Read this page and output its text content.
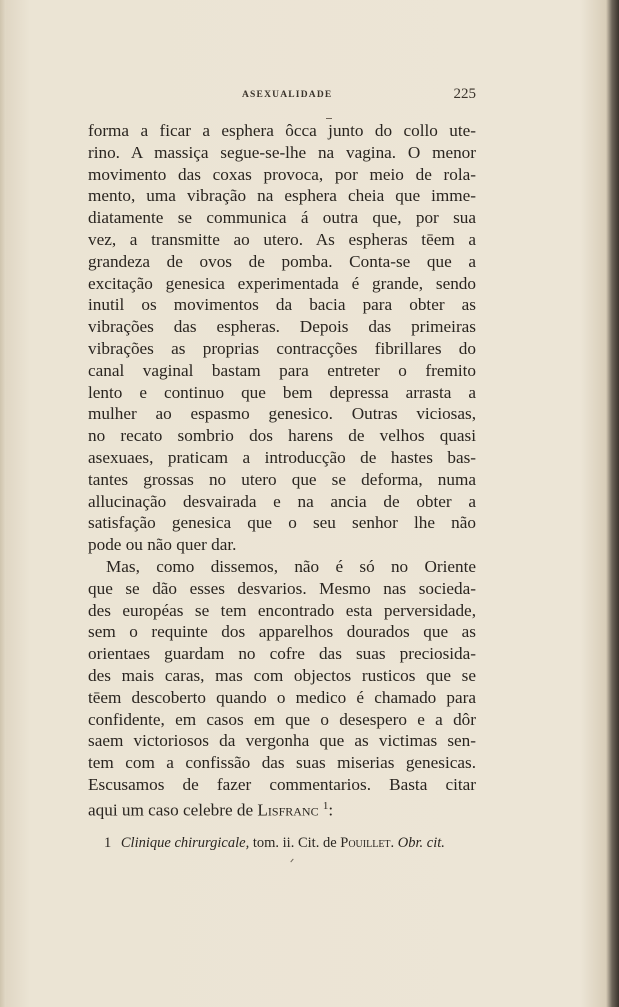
ASEXUALIDADE	225
forma a ficar a esphera ôcca junto do collo ute-
rino. A massiça segue-se-lhe na vagina. O menor
movimento das coxas provoca, por meio de rola-
mento, uma vibração na esphera cheia que imme-
diatamente se communica á outra que, por sua
vez, a transmitte ao utero. As espheras tēem a
grandeza de ovos de pomba. Conta-se que a
excitação genesica experimentada é grande, sendo
inutil os movimentos da bacia para obter as
vibrações das espheras. Depois das primeiras
vibrações as proprias contracções fibrillares do
canal vaginal bastam para entreter o fremito
lento e continuo que bem depressa arrasta a
mulher ao espasmo genesico. Outras viciosas,
no recato sombrio dos harens de velhos quasi
asexuaes, praticam a introducção de hastes bas-
tantes grossas no utero que se deforma, numa
allucinação desvairada e na ancia de obter a
satisfação genesica que o seu senhor lhe não
pode ou não quer dar.
Mas, como dissemos, não é só no Oriente
que se dão esses desvarios. Mesmo nas socieda-
des européas se tem encontrado esta perversidade,
sem o requinte dos apparelhos dourados que as
orientaes guardam no cofre das suas preciosida-
des mais caras, mas com objectos rusticos que se
tēem descoberto quando o medico é chamado para
confidente, em casos em que o desespero e a dôr
saem victoriosos da vergonha que as victimas sen-
tem com a confissão das suas miserias genesicas.
Escusamos de fazer commentarios. Basta citar
aqui um caso celebre de Lisfranc $^1$:
1 Clinique chirurgicale, tom. ii. Cit. de Pouillet. Obr. cit.
